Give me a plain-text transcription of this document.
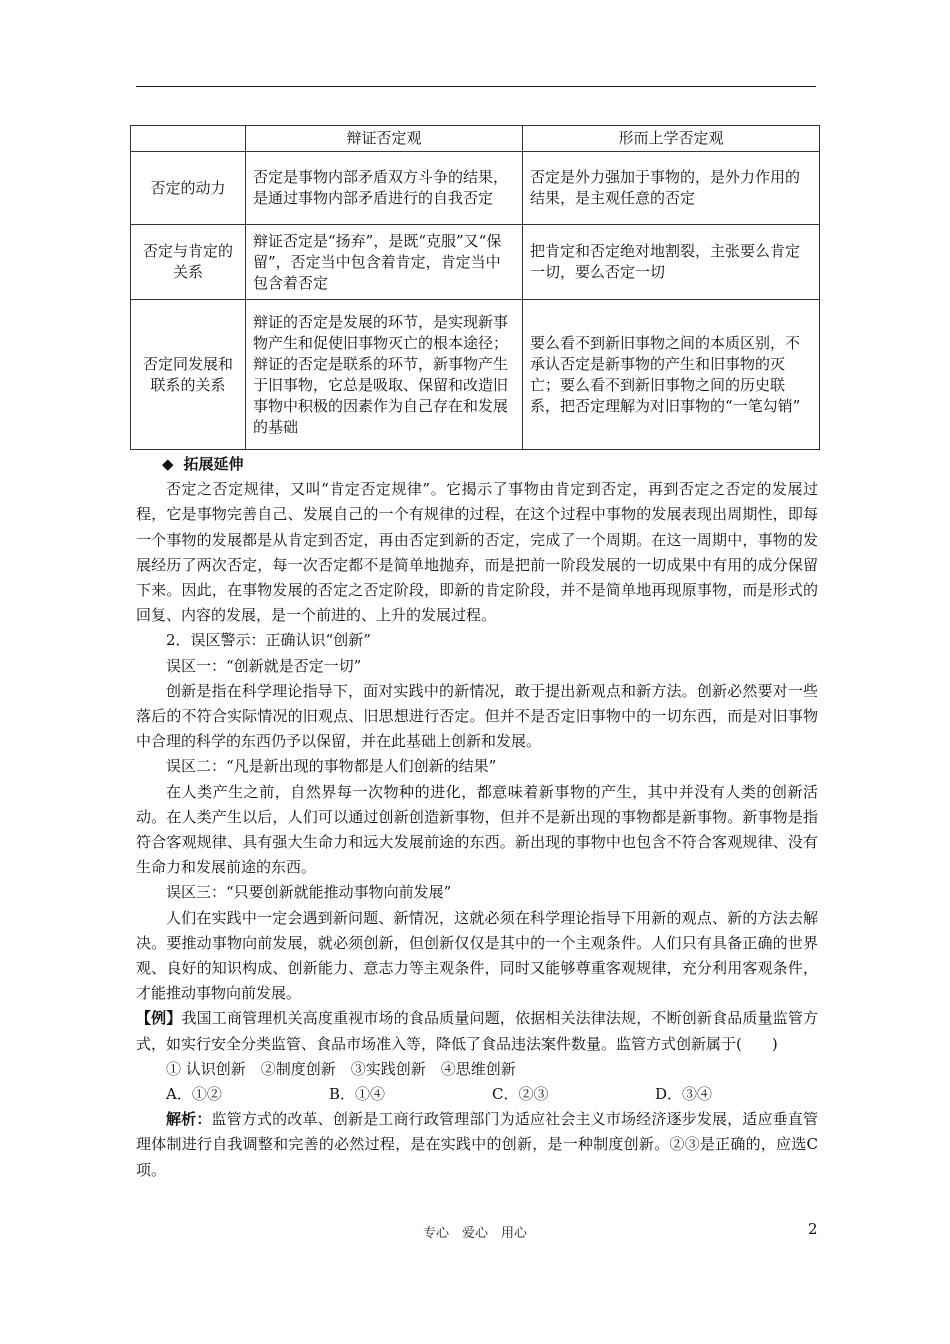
	辩证否定观	形而上学否定观
否定的动力	否定是事物内部矛盾双方斗争的结果，是通过事物内部矛盾进行的自我否定	否定是外力强加于事物的，是外力作用的结果，是主观任意的否定
否定与肯定的关系	辩证否定是“扬弃”，是既“克服”又“保留”，否定当中包含着肯定，肯定当中包含着否定	把肯定和否定绝对地割裂，主张要么肯定一切，要么否定一切
否定同发展和联系的关系	辩证的否定是发展的环节，是实现新事物产生和促使旧事物灭亡的根本途径；辩证的否定是联系的环节，新事物产生于旧事物，它总是吸取、保留和改造旧事物中积极的因素作为自己存在和发展的基础	要么看不到新旧事物之间的本质区别，不承认否定是新事物的产生和旧事物的灭亡；要么看不到新旧事物之间的历史联系，把否定理解为对旧事物的“一笔勾销”

◆ 拓展延伸

否定之否定规律，又叫“肯定否定规律”。它揭示了事物由肯定到否定，再到否定之否定的发展过程，它是事物完善自己、发展自己的一个有规律的过程，在这个过程中事物的发展表现出周期性，即每一个事物的发展都是从肯定到否定，再由否定到新的否定，完成了一个周期。在这一周期中，事物的发展经历了两次否定，每一次否定都不是简单地抛弃，而是把前一阶段发展的一切成果中有用的成分保留下来。因此，在事物发展的否定之否定阶段，即新的肯定阶段，并不是简单地再现原事物，而是形式的回复、内容的发展，是一个前进的、上升的发展过程。

2．误区警示：正确认识“创新”

误区一：“创新就是否定一切”

创新是指在科学理论指导下，面对实践中的新情况，敢于提出新观点和新方法。创新必然要对一些落后的不符合实际情况的旧观点、旧思想进行否定。但并不是否定旧事物中的一切东西，而是对旧事物中合理的科学的东西仍予以保留，并在此基础上创新和发展。

误区二：“凡是新出现的事物都是人们创新的结果”

在人类产生之前，自然界每一次物种的进化，都意味着新事物的产生，其中并没有人类的创新活动。在人类产生以后，人们可以通过创新创造新事物，但并不是新出现的事物都是新事物。新事物是指符合客观规律、具有强大生命力和远大发展前途的东西。新出现的事物中也包含不符合客观规律、没有生命力和发展前途的东西。

误区三：“只要创新就能推动事物向前发展”

人们在实践中一定会遇到新问题、新情况，这就必须在科学理论指导下用新的观点、新的方法去解决。要推动事物向前发展，就必须创新，但创新仅仅是其中的一个主观条件。人们只有具备正确的世界观、良好的知识构成、创新能力、意志力等主观条件，同时又能够尊重客观规律，充分利用客观条件，才能推动事物向前发展。

【例】我国工商管理机关高度重视市场的食品质量问题，依据相关法律法规，不断创新食品质量监管方式，如实行安全分类监管、食品市场准入等，降低了食品违法案件数量。监管方式创新属于(　　)

① 认识创新　②制度创新　③实践创新　④思维创新

A．①②	B．①④	C．②③	D．③④

解析：监管方式的改革、创新是工商行政管理部门为适应社会主义市场经济逐步发展，适应垂直管理体制进行自我调整和完善的必然过程，是在实践中的创新，是一种制度创新。②③是正确的，应选C项。

专心　爱心　用心	2
